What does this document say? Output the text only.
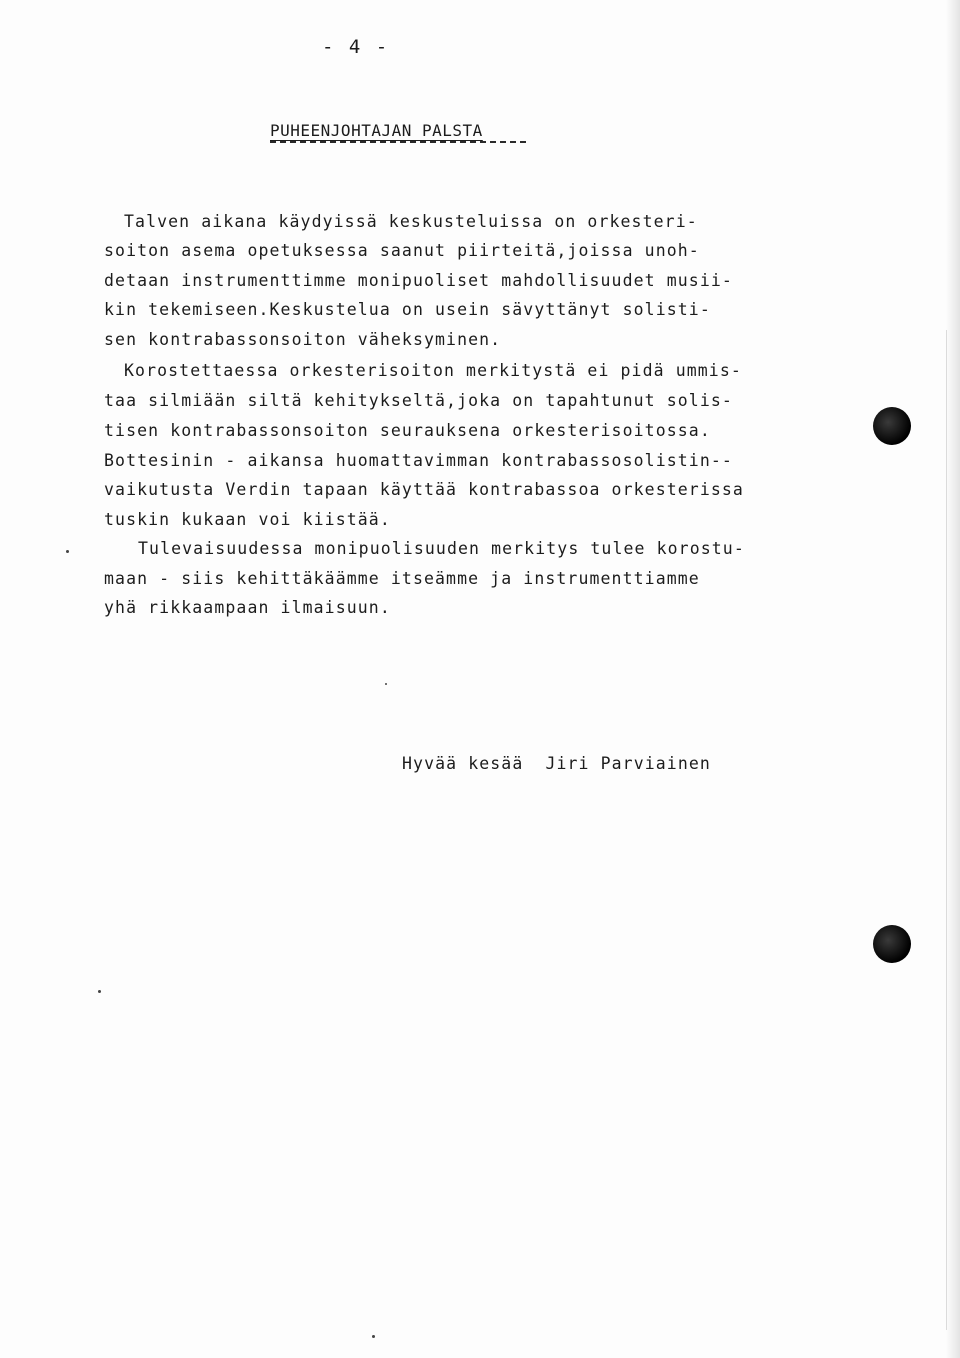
- 4 -
PUHEENJOHTAJAN PALSTA
Talven aikana käydyissä keskusteluissa on orkesteri-
soiton asema opetuksessa saanut piirteitä,joissa unoh-
detaan instrumenttimme monipuoliset mahdollisuudet musii-
kin tekemiseen.Keskustelua on usein sävyttänyt solisti-
sen kontrabassonsoiton väheksyminen.
Korostettaessa orkesterisoiton merkitystä ei pidä ummis-
taa silmiään siltä kehitykseltä,joka on tapahtunut solis-
tisen kontrabassonsoiton seurauksena orkesterisoitossa.
Bottesinin - aikansa huomattavimman kontrabassosolistin--
vaikutusta Verdin tapaan käyttää kontrabassoa orkesterissa
tuskin kukaan voi kiistää.
Tulevaisuudessa monipuolisuuden merkitys tulee korostu-
maan - siis kehittäkäämme itseämme ja instrumenttiamme
yhä rikkaampaan ilmaisuun.
Hyvää kesää  Jiri Parviainen
